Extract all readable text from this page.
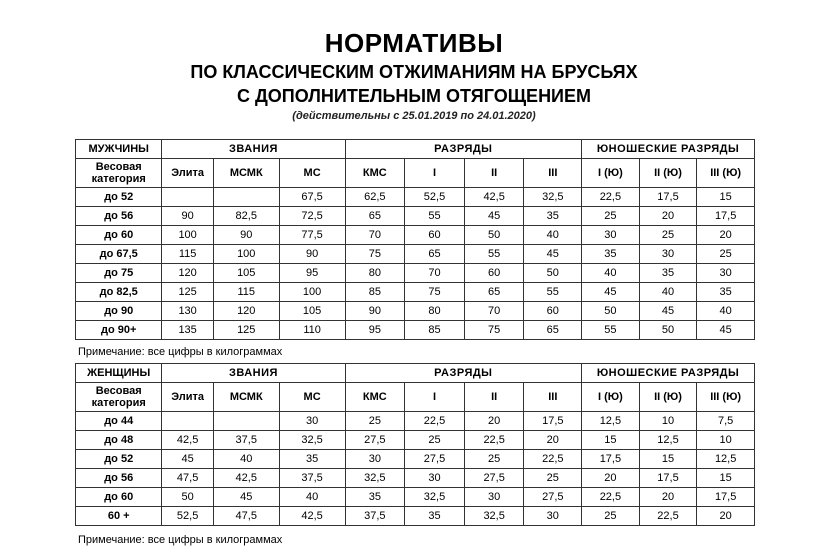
НОРМАТИВЫ
ПО КЛАССИЧЕСКИМ ОТЖИМАНИЯМ НА БРУСЬЯХ
С ДОПОЛНИТЕЛЬНЫМ ОТЯГОЩЕНИЕМ
(действительны с 25.01.2019 по 24.01.2020)
МУЖЧИНЫ	ЗВАНИЯ			РАЗРЯДЫ				ЮНОШЕСКИЕ РАЗРЯДЫ		
Весовая категория	Элита	МСМК	МС	КМС	I	II	III	I (Ю)	II (Ю)	III (Ю)
до 52			67,5	62,5	52,5	42,5	32,5	22,5	17,5	15
до 56	90	82,5	72,5	65	55	45	35	25	20	17,5
до 60	100	90	77,5	70	60	50	40	30	25	20
до 67,5	115	100	90	75	65	55	45	35	30	25
до 75	120	105	95	80	70	60	50	40	35	30
до 82,5	125	115	100	85	75	65	55	45	40	35
до 90	130	120	105	90	80	70	60	50	45	40
до 90+	135	125	110	95	85	75	65	55	50	45
Примечание: все цифры в килограммах
ЖЕНЩИНЫ	ЗВАНИЯ			РАЗРЯДЫ				ЮНОШЕСКИЕ РАЗРЯДЫ		
Весовая категория	Элита	МСМК	МС	КМС	I	II	III	I (Ю)	II (Ю)	III (Ю)
до 44			30	25	22,5	20	17,5	12,5	10	7,5
до 48	42,5	37,5	32,5	27,5	25	22,5	20	15	12,5	10
до 52	45	40	35	30	27,5	25	22,5	17,5	15	12,5
до 56	47,5	42,5	37,5	32,5	30	27,5	25	20	17,5	15
до 60	50	45	40	35	32,5	30	27,5	22,5	20	17,5
60 +	52,5	47,5	42,5	37,5	35	32,5	30	25	22,5	20
Примечание: все цифры в килограммах
